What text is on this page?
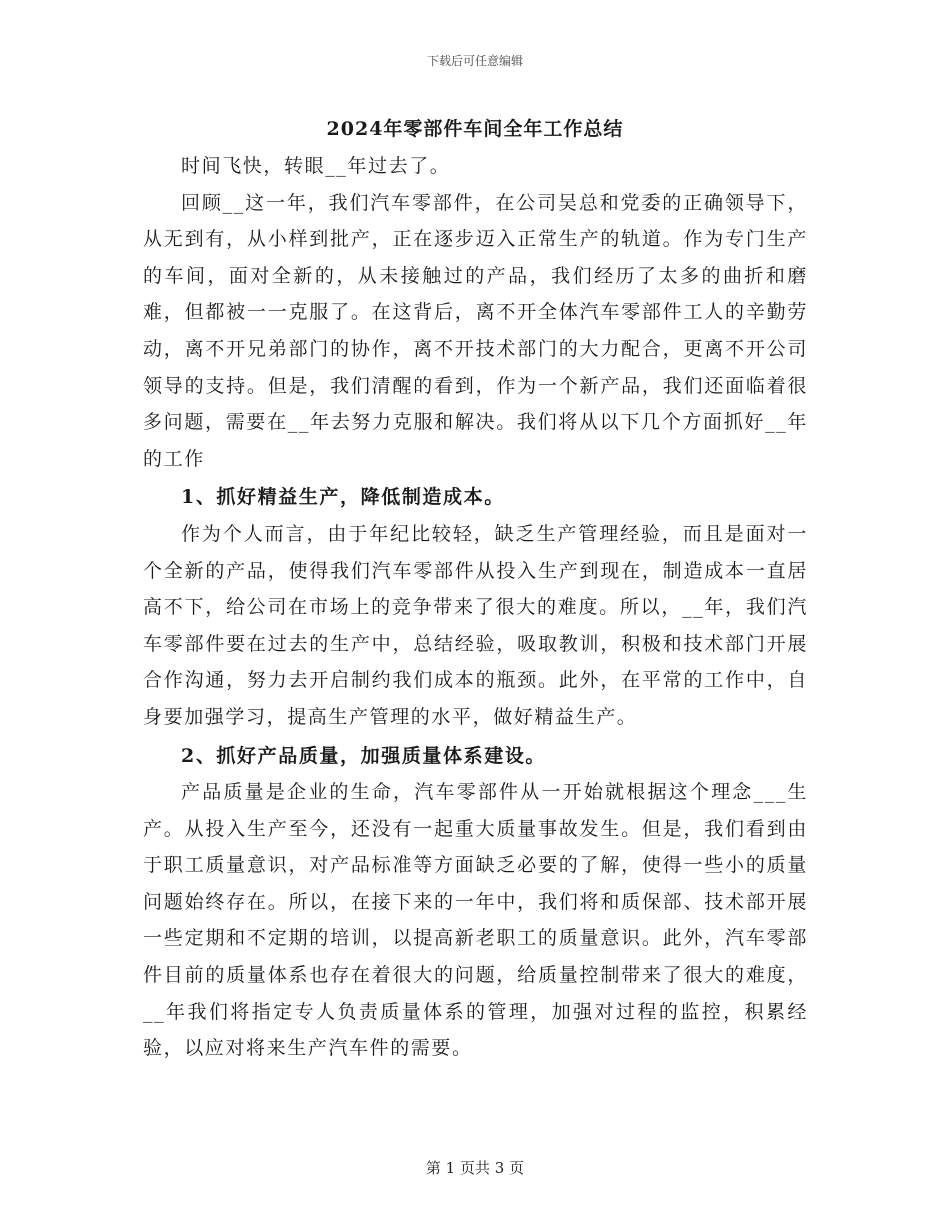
下载后可任意编辑
2024年零部件车间全年工作总结

时间飞快，转眼__年过去了。

回顾__这一年，我们汽车零部件，在公司吴总和党委的正确领导下，从无到有，从小样到批产，正在逐步迈入正常生产的轨道。作为专门生产的车间，面对全新的，从未接触过的产品，我们经历了太多的曲折和磨难，但都被一一克服了。在这背后，离不开全体汽车零部件工人的辛勤劳动，离不开兄弟部门的协作，离不开技术部门的大力配合，更离不开公司领导的支持。但是，我们清醒的看到，作为一个新产品，我们还面临着很多问题，需要在__年去努力克服和解决。我们将从以下几个方面抓好__年的工作

1、抓好精益生产，降低制造成本。

作为个人而言，由于年纪比较轻，缺乏生产管理经验，而且是面对一个全新的产品，使得我们汽车零部件从投入生产到现在，制造成本一直居高不下，给公司在市场上的竞争带来了很大的难度。所以，__年，我们汽车零部件要在过去的生产中，总结经验，吸取教训，积极和技术部门开展合作沟通，努力去开启制约我们成本的瓶颈。此外，在平常的工作中，自身要加强学习，提高生产管理的水平，做好精益生产。

2、抓好产品质量，加强质量体系建设。

产品质量是企业的生命，汽车零部件从一开始就根据这个理念___生产。从投入生产至今，还没有一起重大质量事故发生。但是，我们看到由于职工质量意识，对产品标准等方面缺乏必要的了解，使得一些小的质量问题始终存在。所以，在接下来的一年中，我们将和质保部、技术部开展一些定期和不定期的培训，以提高新老职工的质量意识。此外，汽车零部件目前的质量体系也存在着很大的问题，给质量控制带来了很大的难度，__年我们将指定专人负责质量体系的管理，加强对过程的监控，积累经验，以应对将来生产汽车件的需要。

第 1 页共 3 页
